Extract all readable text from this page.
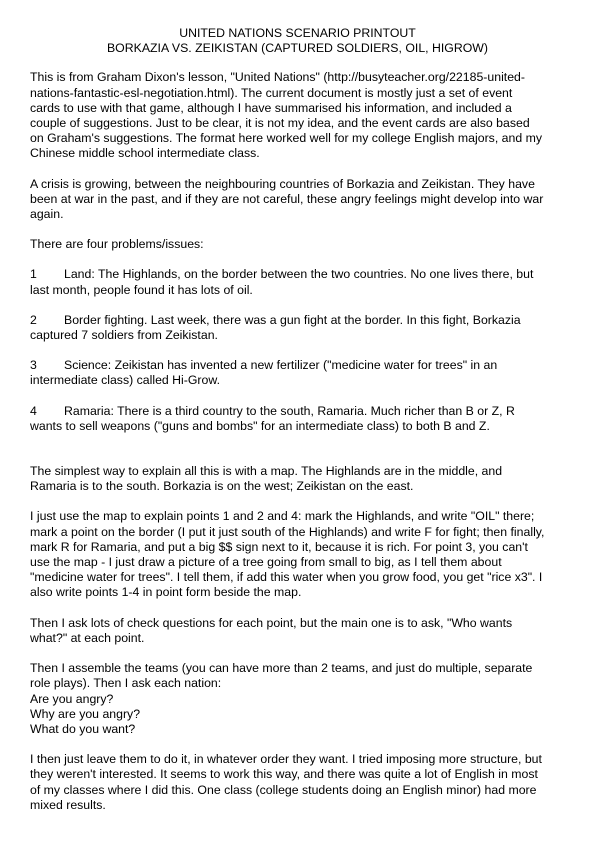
UNITED NATIONS SCENARIO PRINTOUT
BORKAZIA VS. ZEIKISTAN (CAPTURED SOLDIERS, OIL, HIGROW)

This is from Graham Dixon's lesson, "United Nations" (http://busyteacher.org/22185-united-nations-fantastic-esl-negotiation.html). The current document is mostly just a set of event cards to use with that game, although I have summarised his information, and included a couple of suggestions. Just to be clear, it is not my idea, and the event cards are also based on Graham's suggestions. The format here worked well for my college English majors, and my Chinese middle school intermediate class.

A crisis is growing, between the neighbouring countries of Borkazia and Zeikistan. They have been at war in the past, and if they are not careful, these angry feelings might develop into war again.

There are four problems/issues:

1 Land: The Highlands, on the border between the two countries. No one lives there, but last month, people found it has lots of oil.
2 Border fighting. Last week, there was a gun fight at the border. In this fight, Borkazia captured 7 soldiers from Zeikistan.
3 Science: Zeikistan has invented a new fertilizer ("medicine water for trees" in an intermediate class) called Hi-Grow.
4 Ramaria: There is a third country to the south, Ramaria. Much richer than B or Z, R wants to sell weapons ("guns and bombs" for an intermediate class) to both B and Z.

The simplest way to explain all this is with a map. The Highlands are in the middle, and Ramaria is to the south. Borkazia is on the west; Zeikistan on the east.

I just use the map to explain points 1 and 2 and 4: mark the Highlands, and write "OIL" there; mark a point on the border (I put it just south of the Highlands) and write F for fight; then finally, mark R for Ramaria, and put a big $$ sign next to it, because it is rich. For point 3, you can't use the map - I just draw a picture of a tree going from small to big, as I tell them about "medicine water for trees". I tell them, if add this water when you grow food, you get "rice x3". I also write points 1-4 in point form beside the map.

Then I ask lots of check questions for each point, but the main one is to ask, "Who wants what?" at each point.

Then I assemble the teams (you can have more than 2 teams, and just do multiple, separate role plays). Then I ask each nation:
Are you angry?
Why are you angry?
What do you want?

I then just leave them to do it, in whatever order they want. I tried imposing more structure, but they weren't interested. It seems to work this way, and there was quite a lot of English in most of my classes where I did this. One class (college students doing an English minor) had more mixed results.
